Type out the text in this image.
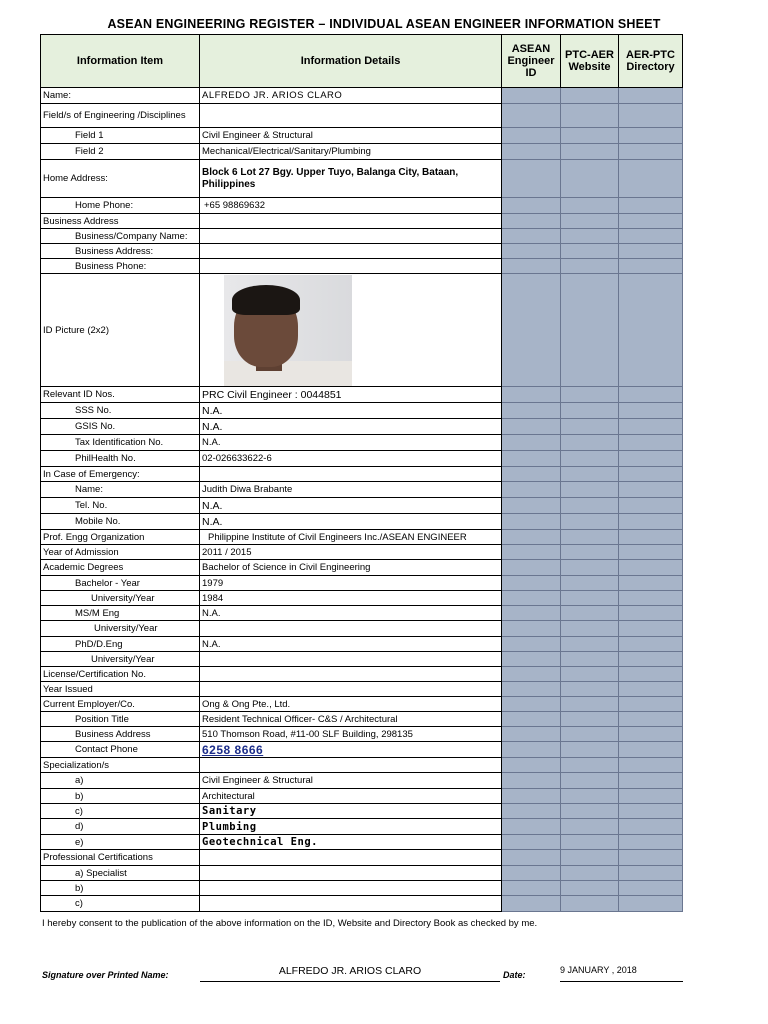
ASEAN ENGINEERING REGISTER – INDIVIDUAL ASEAN ENGINEER INFORMATION SHEET
Information Item	Information Details	ASEAN Engineer ID	PTC-AER Website	AER-PTC Directory
Name:	ALFREDO JR. ARIOS CLARO			
Field/s of Engineering /Disciplines				
Field 1	Civil Engineer & Structural			
Field 2	Mechanical/Electrical/Sanitary/Plumbing			
Home Address:	Block 6 Lot 27 Bgy. Upper Tuyo, Balanga City, Bataan, Philippines			
Home Phone:	+65 98869632			
Business Address				
Business/Company Name:				
Business Address:				
Business Phone:				
ID Picture (2x2)	

Relevant ID Nos.	PRC Civil Engineer : 0044851			
SSS No.	N.A.			
GSIS No.	N.A.			
Tax Identification No.	N.A.			
PhilHealth No.	02-026633622-6			
In Case of Emergency:				
Name:	Judith Diwa Brabante			
Tel. No.	N.A.			
Mobile No.	N.A.			
Prof. Engg Organization	Philippine Institute of Civil Engineers Inc./ASEAN ENGINEER			
Year of Admission	2011 / 2015			
Academic Degrees	Bachelor of Science in Civil Engineering			
Bachelor - Year	1979			
University/Year	1984			
MS/M Eng	N.A.			
University/Year				
PhD/D.Eng	N.A.			
University/Year				
License/Certification No.				
Year Issued				
Current Employer/Co.	Ong & Ong Pte., Ltd.			
Position Title	Resident Technical Officer- C&S / Architectural			
Business Address	510 Thomson Road, #11-00 SLF Building, 298135			
Contact Phone	6258 8666			
Specialization/s				
a)	Civil Engineer & Structural			
b)	Architectural			
c)	Sanitary			
d)	Plumbing			
e)	Geotechnical Eng.			
Professional Certifications				
a) Specialist				
b)				
c)				
I hereby consent to the publication of the above information on the ID, Website and Directory Book as checked by me.
Signature over Printed Name:	ALFREDO JR. ARIOS CLARO	Date:	9 JANUARY , 2018
